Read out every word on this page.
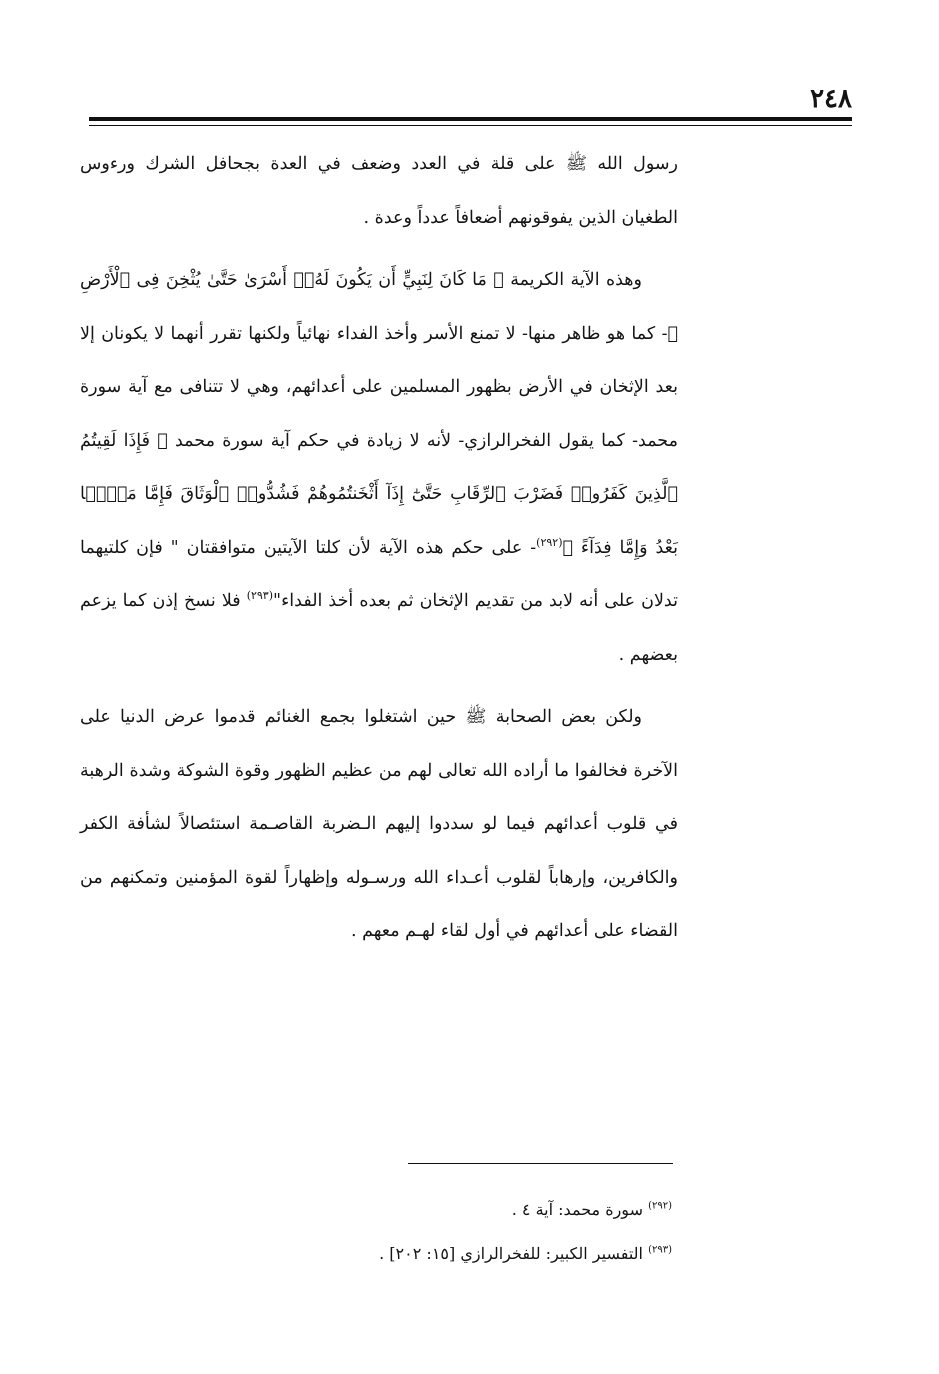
٢٤٨

رسول الله ﷺ على قلة في العدد وضعف في العدة بجحافل الشرك ورءوس الطغيان الذين يفوقونهم أضعافاً عدداً وعدة .

وهذه الآية الكريمة ﴿ مَا كَانَ لِنَبِيٍّ أَن يَكُونَ لَهُۥٓ أَسْرَىٰ حَتَّىٰ يُثْخِنَ فِى ٱلْأَرْضِ ﴾- كما هو ظاهر منها- لا تمنع الأسر وأخذ الفداء نهائياً ولكنها تقرر أنهما لا يكونان إلا بعد الإثخان في الأرض بظهور المسلمين على أعدائهم، وهي لا تتنافى مع آية سورة محمد- كما يقول الفخرالرازي- لأنه لا زيادة في حكم آية سورة محمد ﴿ فَإِذَا لَقِيتُمُ ٱلَّذِينَ كَفَرُوا۟ فَضَرْبَ ٱلرِّقَابِ حَتَّىٰٓ إِذَآ أَثْخَنتُمُوهُمْ فَشُدُّوا۟ ٱلْوَثَاقَ فَإِمَّا مَنًّۢا بَعْدُ وَإِمَّا فِدَآءً ﴾$^{(٢٩٢)}$- على حكم هذه الآية لأن كلتا الآيتين متوافقتان " فإن كلتيهما تدلان على أنه لابد من تقديم الإثخان ثم بعده أخذ الفداء"$^{(٢٩٣)}$ فلا نسخ إذن كما يزعم بعضهم .

ولكن بعض الصحابة ﷺ حين اشتغلوا بجمع الغنائم قدموا عرض الدنيا على الآخرة فخالفوا ما أراده الله تعالى لهم من عظيم الظهور وقوة الشوكة وشدة الرهبة في قلوب أعدائهم فيما لو سددوا إليهم الـضربة القاصـمة استئصالاً لشأفة الكفر والكافرين، وإرهاباً لقلوب أعـداء الله ورسـوله وإظهاراً لقوة المؤمنين وتمكنهم من القضاء على أعدائهم في أول لقاء لهـم معهم .

$^{(٢٩٢)}$ سورة محمد: آية ٤ .

$^{(٢٩٣)}$ التفسير الكبير: للفخرالرازي [١٥: ٢٠٢] .
